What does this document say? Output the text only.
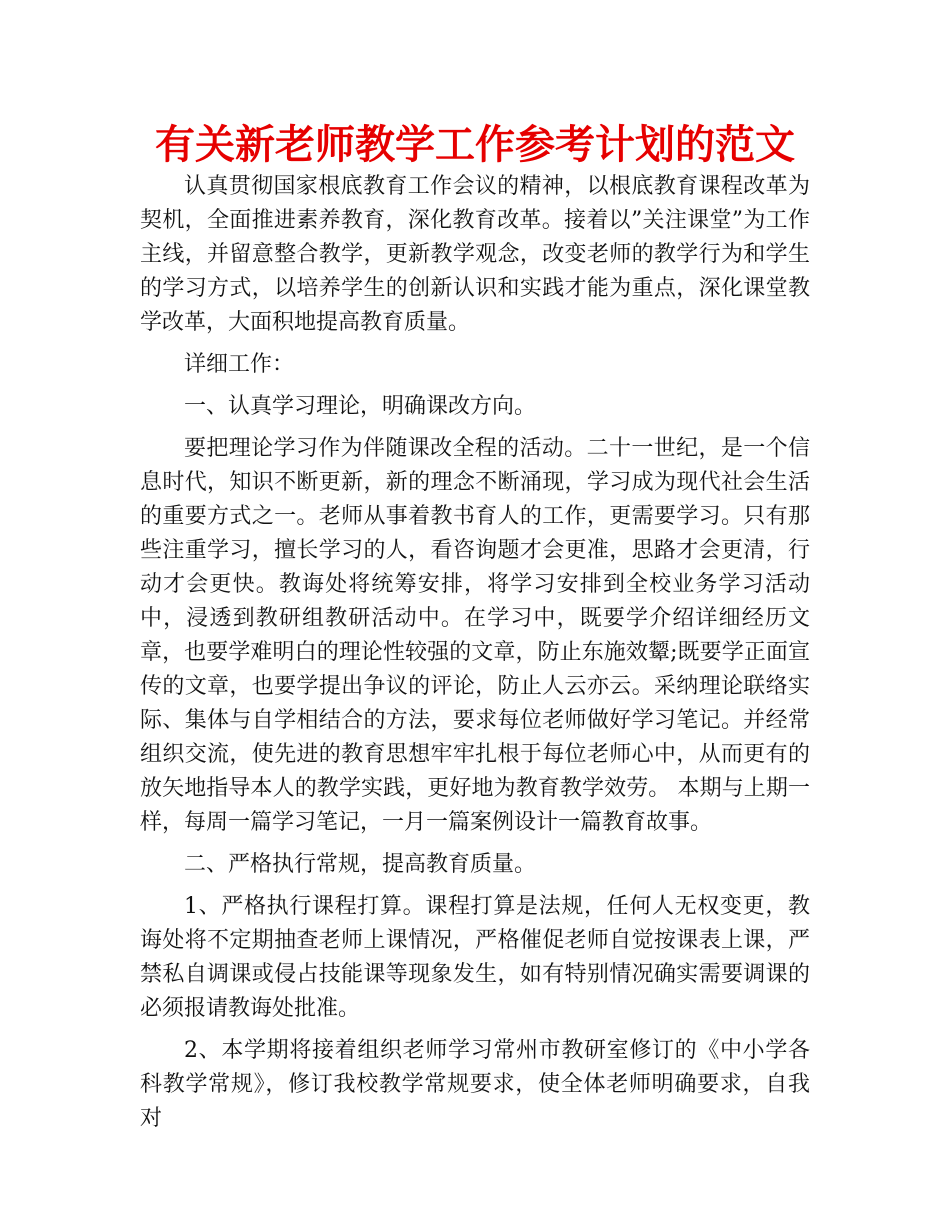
有关新老师教学工作参考计划的范文

认真贯彻国家根底教育工作会议的精神，以根底教育课程改革为契机，全面推进素养教育，深化教育改革。接着以”关注课堂”为工作主线，并留意整合教学，更新教学观念，改变老师的教学行为和学生的学习方式，以培养学生的创新认识和实践才能为重点，深化课堂教学改革，大面积地提高教育质量。

详细工作：

一、认真学习理论，明确课改方向。

要把理论学习作为伴随课改全程的活动。二十一世纪，是一个信息时代，知识不断更新，新的理念不断涌现，学习成为现代社会生活的重要方式之一。老师从事着教书育人的工作，更需要学习。只有那些注重学习，擅长学习的人，看咨询题才会更准，思路才会更清，行动才会更快。教诲处将统筹安排，将学习安排到全校业务学习活动中，浸透到教研组教研活动中。在学习中，既要学介绍详细经历文章，也要学难明白的理论性较强的文章，防止东施效颦;既要学正面宣传的文章，也要学提出争议的评论，防止人云亦云。采纳理论联络实际、集体与自学相结合的方法，要求每位老师做好学习笔记。并经常组织交流，使先进的教育思想牢牢扎根于每位老师心中，从而更有的放矢地指导本人的教学实践，更好地为教育教学效劳。 本期与上期一样，每周一篇学习笔记，一月一篇案例设计一篇教育故事。

二、严格执行常规，提高教育质量。

1、严格执行课程打算。课程打算是法规，任何人无权变更，教诲处将不定期抽查老师上课情况，严格催促老师自觉按课表上课，严禁私自调课或侵占技能课等现象发生，如有特别情况确实需要调课的必须报请教诲处批准。

2、本学期将接着组织老师学习常州市教研室修订的《中小学各科教学常规》，修订我校教学常规要求，使全体老师明确要求，自我对
